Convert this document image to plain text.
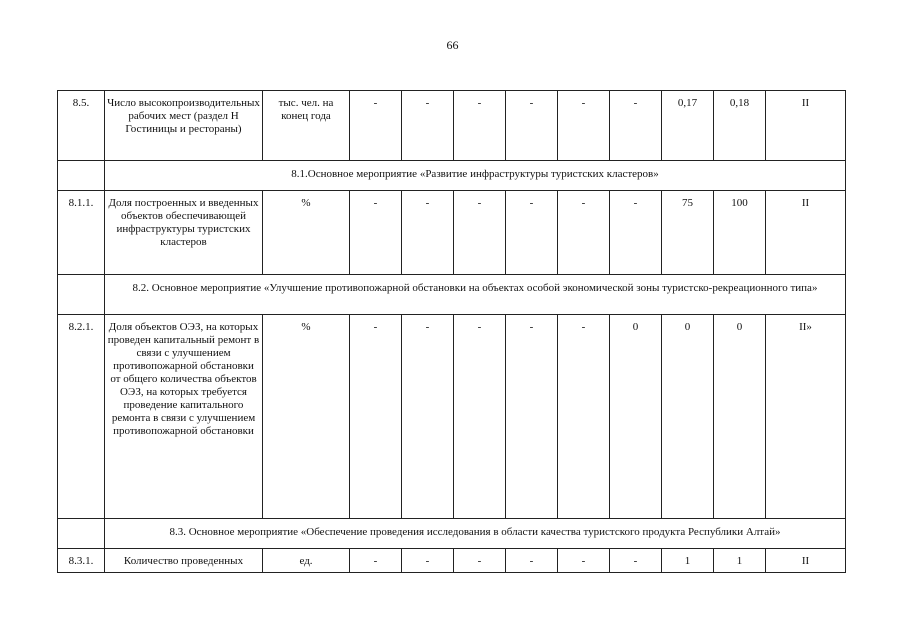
66
8.5.	Число высокопроизводительных рабочих мест (раздел Н Гостиницы и рестораны)	тыс. чел. на конец года	-	-	-	-	-	-	0,17	0,18	II
	8.1.Основное мероприятие «Развитие инфраструктуры туристских кластеров»										
8.1.1.	Доля построенных и введенных объектов обеспечивающей инфраструктуры туристских кластеров	%	-	-	-	-	-	-	75	100	II
	8.2. Основное мероприятие «Улучшение противопожарной обстановки на объектах особой экономической зоны туристско-рекреационного типа»										
8.2.1.	Доля объектов ОЭЗ, на которых проведен капитальный ремонт в связи с улучшением противопожарной обстановки от общего количества объектов ОЭЗ, на которых требуется проведение капитального ремонта в связи с улучшением противопожарной обстановки	%	-	-	-	-	-	0	0	0	II»
	8.3. Основное мероприятие «Обеспечение проведения исследования в области качества туристского продукта Республики Алтай»										
8.3.1.	Количество проведенных	ед.	-	-	-	-	-	-	1	1	II
